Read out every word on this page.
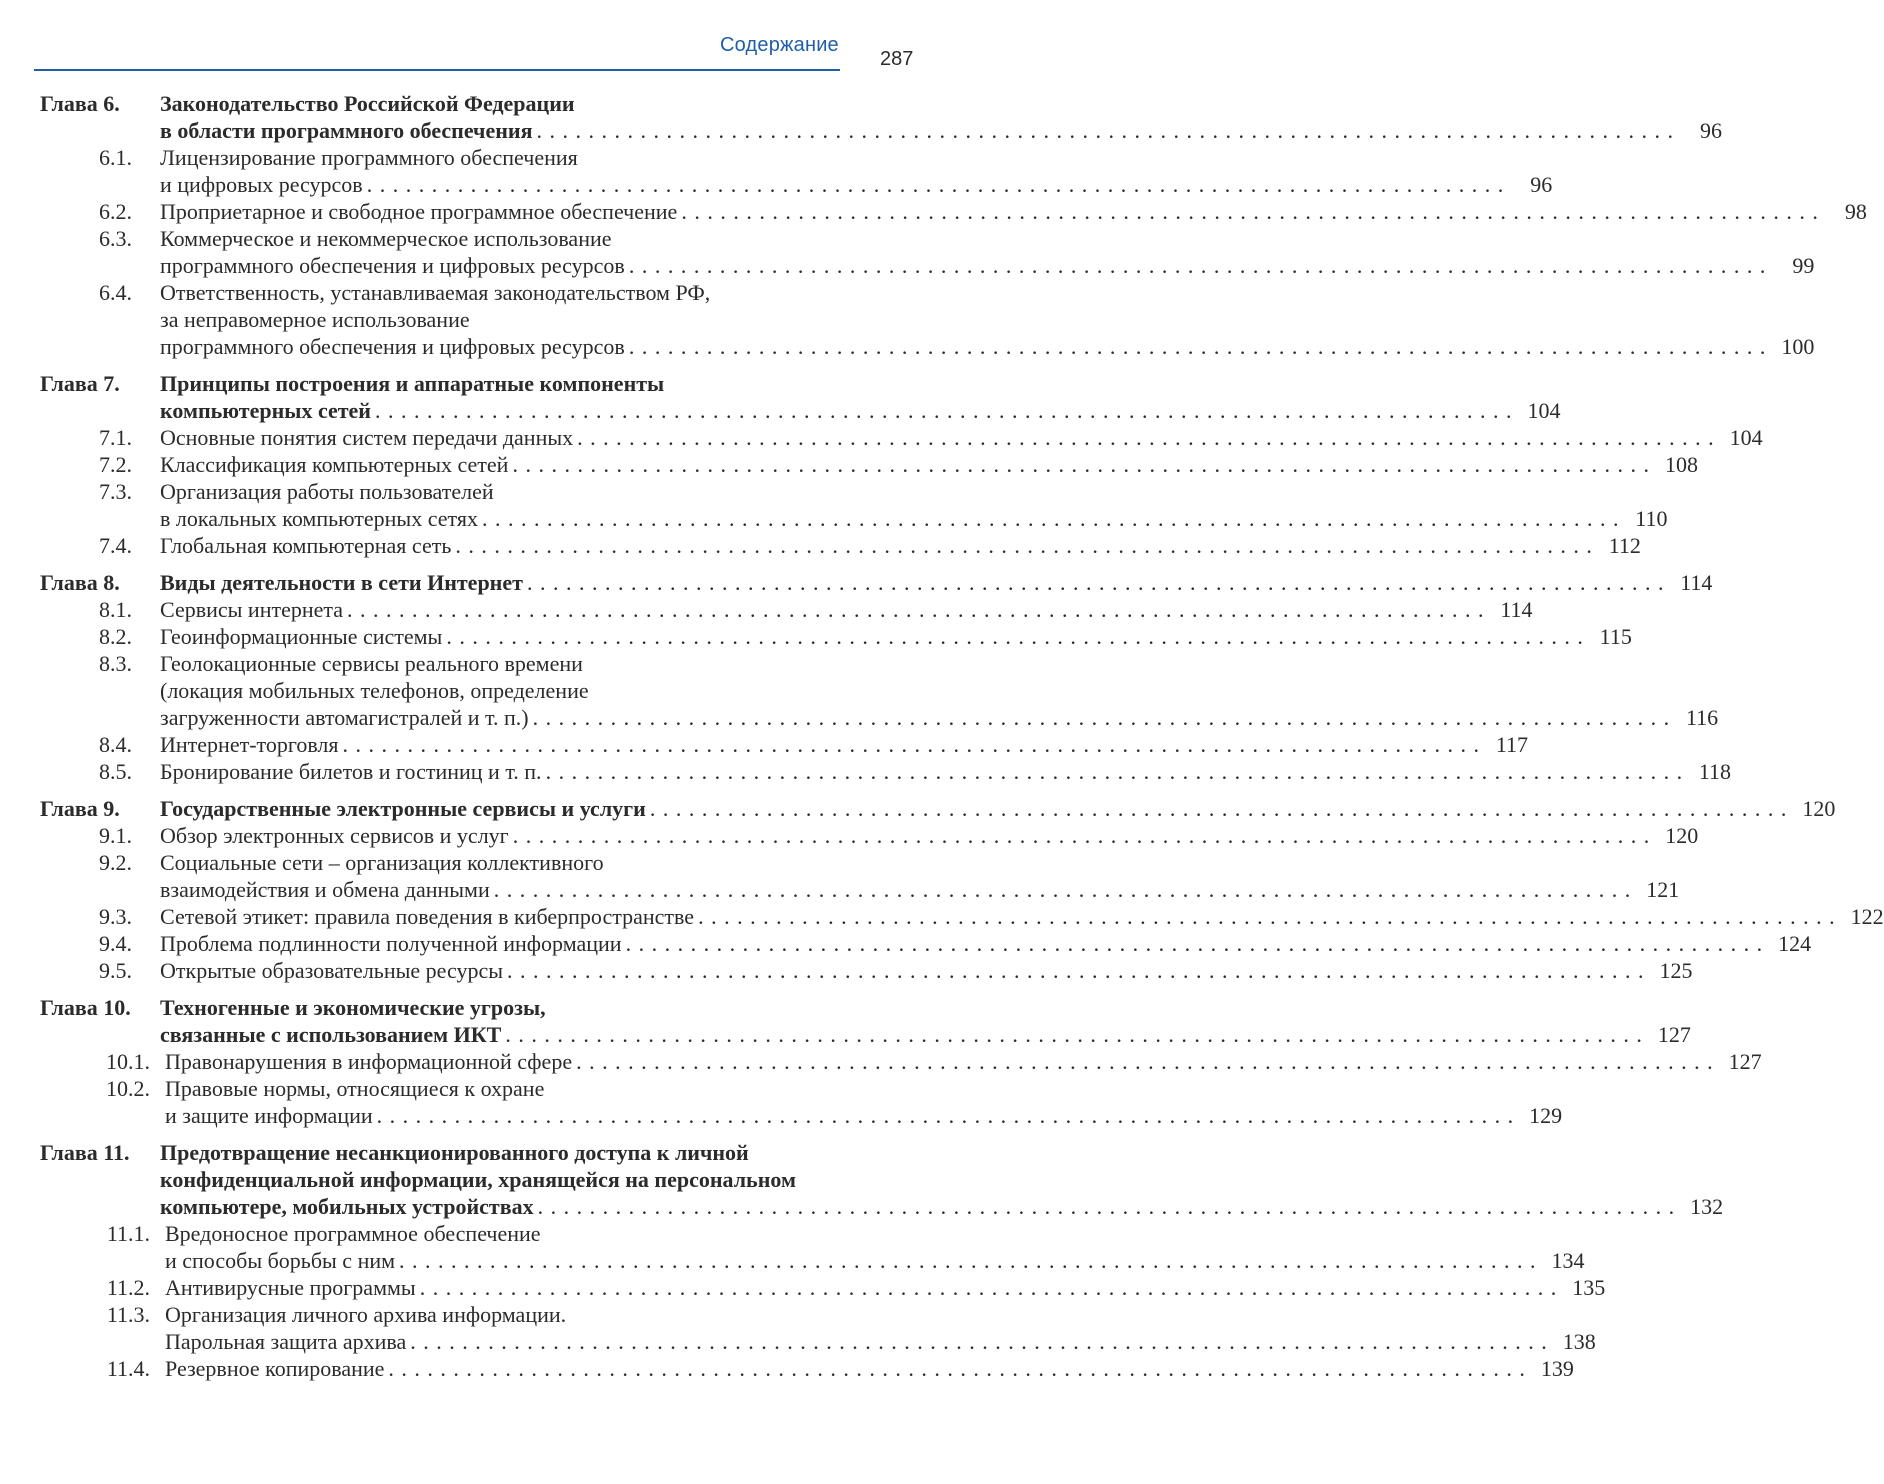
Содержание
287
Глава 6.	Законодательство Российской Федерации
в области программного обеспечения . . . . . . . . . . . . . . . . . . . . . . . . . . . . . . . . . . . . . . . . . . . . . . . . . . . . . . . . . . . . . . . . . . . . . . . . . . . . . . . . . . . . . . . .	96
6.1. Лицензирование программного обеспечения
и цифровых ресурсов . . . . . . . . . . . . . . . . . . . . . . . . . . . . . . . . . . . . . . . . . . . . . . . . . . . . . . . . . . . . . . . . . . . . . . . . . . . . . . . . . . . . . . . .	96
6.2. Проприетарное и свободное программное обеспечение . . . . . . . . . . . . . . . . . . . . . . . . . . . . . . . . . . . . . . . . . . . . . . . . . . . . . . . . . . . . . . . . . . . . . . . . . . . . . . . . . . . . . . . .	98
6.3. Коммерческое и некоммерческое использование
программного обеспечения и цифровых ресурсов . . . . . . . . . . . . . . . . . . . . . . . . . . . . . . . . . . . . . . . . . . . . . . . . . . . . . . . . . . . . . . . . . . . . . . . . . . . . . . . . . . . . . . . .	99
6.4. Ответственность, устанавливаемая законодательством РФ,
за неправомерное использование
программного обеспечения и цифровых ресурсов . . . . . . . . . . . . . . . . . . . . . . . . . . . . . . . . . . . . . . . . . . . . . . . . . . . . . . . . . . . . . . . . . . . . . . . . . . . . . . . . . . . . . . . . 100
Глава 7.	Принципы построения и аппаратные компоненты
компьютерных сетей . . . . . . . . . . . . . . . . . . . . . . . . . . . . . . . . . . . . . . . . . . . . . . . . . . . . . . . . . . . . . . . . . . . . . . . . . . . . . . . . . . . . . . . . 104
7.1. Основные понятия систем передачи данных . . . . . . . . . . . . . . . . . . . . . . . . . . . . . . . . . . . . . . . . . . . . . . . . . . . . . . . . . . . . . . . . . . . . . . . . . . . . . . . . . . . . . . . . 104
7.2. Классификация компьютерных сетей . . . . . . . . . . . . . . . . . . . . . . . . . . . . . . . . . . . . . . . . . . . . . . . . . . . . . . . . . . . . . . . . . . . . . . . . . . . . . . . . . . . . . . . . 108
7.3. Организация работы пользователей
в локальных компьютерных сетях . . . . . . . . . . . . . . . . . . . . . . . . . . . . . . . . . . . . . . . . . . . . . . . . . . . . . . . . . . . . . . . . . . . . . . . . . . . . . . . . . . . . . . . . 110
7.4. Глобальная компьютерная сеть . . . . . . . . . . . . . . . . . . . . . . . . . . . . . . . . . . . . . . . . . . . . . . . . . . . . . . . . . . . . . . . . . . . . . . . . . . . . . . . . . . . . . . . . 112
Глава 8.	Виды деятельности в сети Интернет . . . . . . . . . . . . . . . . . . . . . . . . . . . . . . . . . . . . . . . . . . . . . . . . . . . . . . . . . . . . . . . . . . . . . . . . . . . . . . . . . . . . . . . . 114
8.1. Сервисы интернета . . . . . . . . . . . . . . . . . . . . . . . . . . . . . . . . . . . . . . . . . . . . . . . . . . . . . . . . . . . . . . . . . . . . . . . . . . . . . . . . . . . . . . . . 114
8.2. Геоинформационные системы . . . . . . . . . . . . . . . . . . . . . . . . . . . . . . . . . . . . . . . . . . . . . . . . . . . . . . . . . . . . . . . . . . . . . . . . . . . . . . . . . . . . . . . . 115
8.3. Геолокационные сервисы реального времени
(локация мобильных телефонов, определение
загруженности автомагистралей и т. п.) . . . . . . . . . . . . . . . . . . . . . . . . . . . . . . . . . . . . . . . . . . . . . . . . . . . . . . . . . . . . . . . . . . . . . . . . . . . . . . . . . . . . . . . . 116
8.4. Интернет-торговля . . . . . . . . . . . . . . . . . . . . . . . . . . . . . . . . . . . . . . . . . . . . . . . . . . . . . . . . . . . . . . . . . . . . . . . . . . . . . . . . . . . . . . . . 117
8.5. Бронирование билетов и гостиниц и т. п. . . . . . . . . . . . . . . . . . . . . . . . . . . . . . . . . . . . . . . . . . . . . . . . . . . . . . . . . . . . . . . . . . . . . . . . . . . . . . . . . . . . . . . . . 118
Глава 9.	Государственные электронные сервисы и услуги . . . . . . . . . . . . . . . . . . . . . . . . . . . . . . . . . . . . . . . . . . . . . . . . . . . . . . . . . . . . . . . . . . . . . . . . . . . . . . . . . . . . . . . . 120
9.1. Обзор электронных сервисов и услуг . . . . . . . . . . . . . . . . . . . . . . . . . . . . . . . . . . . . . . . . . . . . . . . . . . . . . . . . . . . . . . . . . . . . . . . . . . . . . . . . . . . . . . . . 120
9.2. Социальные сети – организация коллективного
взаимодействия и обмена данными . . . . . . . . . . . . . . . . . . . . . . . . . . . . . . . . . . . . . . . . . . . . . . . . . . . . . . . . . . . . . . . . . . . . . . . . . . . . . . . . . . . . . . . . 121
9.3. Сетевой этикет: правила поведения в киберпространстве . . . . . . . . . . . . . . . . . . . . . . . . . . . . . . . . . . . . . . . . . . . . . . . . . . . . . . . . . . . . . . . . . . . . . . . . . . . . . . . . . . . . . . . . 122
9.4. Проблема подлинности полученной информации . . . . . . . . . . . . . . . . . . . . . . . . . . . . . . . . . . . . . . . . . . . . . . . . . . . . . . . . . . . . . . . . . . . . . . . . . . . . . . . . . . . . . . . . 124
9.5. Открытые образовательные ресурсы . . . . . . . . . . . . . . . . . . . . . . . . . . . . . . . . . . . . . . . . . . . . . . . . . . . . . . . . . . . . . . . . . . . . . . . . . . . . . . . . . . . . . . . . 125
Глава 10.	Техногенные и экономические угрозы,
связанные с использованием ИКТ . . . . . . . . . . . . . . . . . . . . . . . . . . . . . . . . . . . . . . . . . . . . . . . . . . . . . . . . . . . . . . . . . . . . . . . . . . . . . . . . . . . . . . . . 127
10.1. Правонарушения в информационной сфере . . . . . . . . . . . . . . . . . . . . . . . . . . . . . . . . . . . . . . . . . . . . . . . . . . . . . . . . . . . . . . . . . . . . . . . . . . . . . . . . . . . . . . . . 127
10.2. Правовые нормы, относящиеся к охране
и защите информации . . . . . . . . . . . . . . . . . . . . . . . . . . . . . . . . . . . . . . . . . . . . . . . . . . . . . . . . . . . . . . . . . . . . . . . . . . . . . . . . . . . . . . . . 129
Глава 11.	Предотвращение несанкционированного доступа к личной
конфиденциальной информации, хранящейся на персональном
компьютере, мобильных устройствах . . . . . . . . . . . . . . . . . . . . . . . . . . . . . . . . . . . . . . . . . . . . . . . . . . . . . . . . . . . . . . . . . . . . . . . . . . . . . . . . . . . . . . . . 132
11.1. Вредоносное программное обеспечение
и способы борьбы с ним . . . . . . . . . . . . . . . . . . . . . . . . . . . . . . . . . . . . . . . . . . . . . . . . . . . . . . . . . . . . . . . . . . . . . . . . . . . . . . . . . . . . . . . . 134
11.2. Антивирусные программы . . . . . . . . . . . . . . . . . . . . . . . . . . . . . . . . . . . . . . . . . . . . . . . . . . . . . . . . . . . . . . . . . . . . . . . . . . . . . . . . . . . . . . . . 135
11.3. Организация личного архива информации.
Парольная защита архива . . . . . . . . . . . . . . . . . . . . . . . . . . . . . . . . . . . . . . . . . . . . . . . . . . . . . . . . . . . . . . . . . . . . . . . . . . . . . . . . . . . . . . . . 138
11.4. Резервное копирование . . . . . . . . . . . . . . . . . . . . . . . . . . . . . . . . . . . . . . . . . . . . . . . . . . . . . . . . . . . . . . . . . . . . . . . . . . . . . . . . . . . . . . . . 139
